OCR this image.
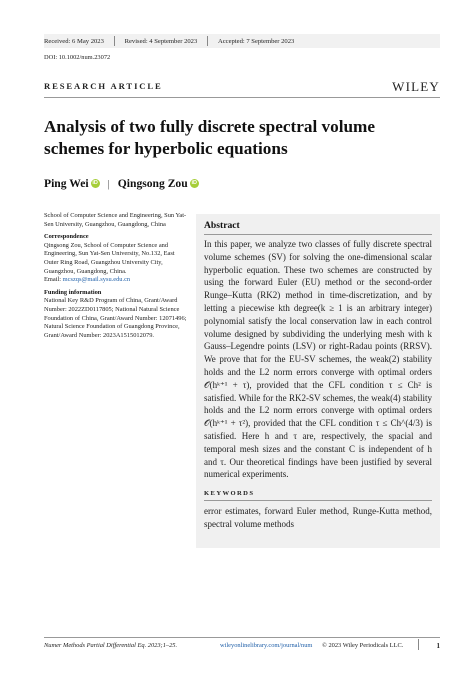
Received: 6 May 2023	Revised: 4 September 2023	Accepted: 7 September 2023
DOI: 10.1002/num.23072
RESEARCH ARTICLE	WILEY
Analysis of two fully discrete spectral volume schemes for hyperbolic equations
Ping Wei iD | Qingsong Zou iD
School of Computer Science and Engineering, Sun Yat-Sen University, Guangzhou, Guangdong, China
Correspondence
Qingsong Zou, School of Computer Science and Engineering, Sun Yat-Sen University, No.132, East Outer Ring Road, Guangzhou University City, Guangzhou, Guangdong, China.
Email: mcszqs@mail.sysu.edu.cn
Funding information
National Key R&D Program of China, Grant/Award Number: 2022ZD0117805; National Natural Science Foundation of China, Grant/Award Number: 12071496; Natural Science Foundation of Guangdong Province, Grant/Award Number: 2023A1515012079.
Abstract
In this paper, we analyze two classes of fully discrete spectral volume schemes (SV) for solving the one-dimensional scalar hyperbolic equation. These two schemes are constructed by using the forward Euler (EU) method or the second-order Runge–Kutta (RK2) method in time-discretization, and by letting a piecewise kth degree(k ≥ 1 is an arbitrary integer) polynomial satisfy the local conservation law in each control volume designed by subdividing the underlying mesh with k Gauss–Legendre points (LSV) or right-Radau points (RRSV). We prove that for the EU-SV schemes, the weak(2) stability holds and the L2 norm errors converge with optimal orders 𝒪(hᵏ⁺¹ + τ), provided that the CFL condition τ ≤ Ch² is satisfied. While for the RK2-SV schemes, the weak(4) stability holds and the L2 norm errors converge with optimal orders 𝒪(hᵏ⁺¹ + τ²), provided that the CFL condition τ ≤ Ch^(4/3) is satisfied. Here h and τ are, respectively, the spacial and temporal mesh sizes and the constant C is independent of h and τ. Our theoretical findings have been justified by several numerical experiments.
KEYWORDS
error estimates, forward Euler method, Runge-Kutta method, spectral volume methods
Numer Methods Partial Differential Eq. 2023;1–25.	wileyonlinelibrary.com/journal/num © 2023 Wiley Periodicals LLC.	1
